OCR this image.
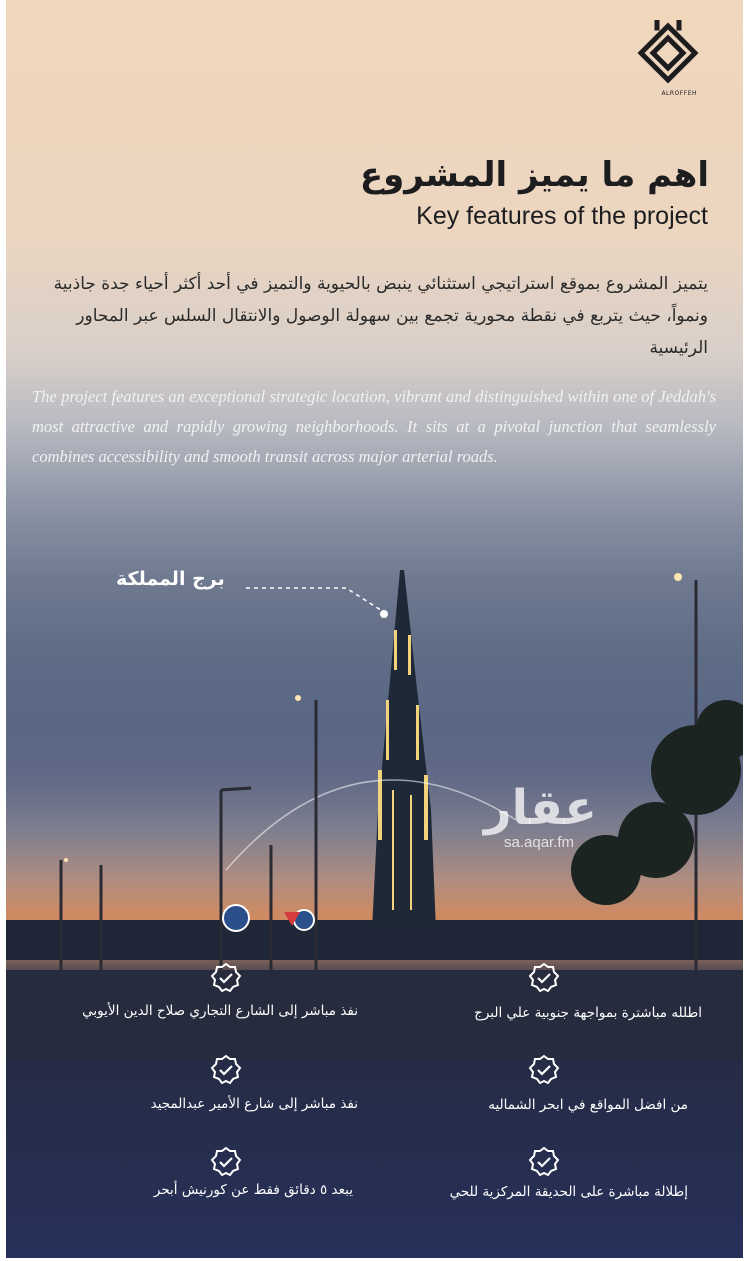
ALROFFEH
اهم ما يميز المشروع
Key features of the project
يتميز المشروع بموقع استراتيجي استثنائي ينبض بالحيوية والتميز في أحد أكثر أحياء جدة جاذبية ونمواً، حيث يتربع في نقطة محورية تجمع بين سهولة الوصول والانتقال السلس عبر المحاور الرئيسية
The project features an exceptional strategic location, vibrant and distinguished within one of Jeddah's most attractive and rapidly growing neighborhoods. It sits at a pivotal junction that seamlessly combines accessibility and smooth transit across major arterial roads.
برج المملكة
عقار
sa.aqar.fm
اطلله مباشترة بمواجهة جنوبية علي البرج
نفذ مباشر إلى الشارع التجاري صلاح الدين الأيوبي
من افضل المواقع في ابحر الشماليه
نفذ مباشر إلى شارع الأمير عبدالمجيد
إطلالة مباشرة على الحديقة المركزية للحي
يبعد ٥ دقائق فقط عن كورنيش أبحر
